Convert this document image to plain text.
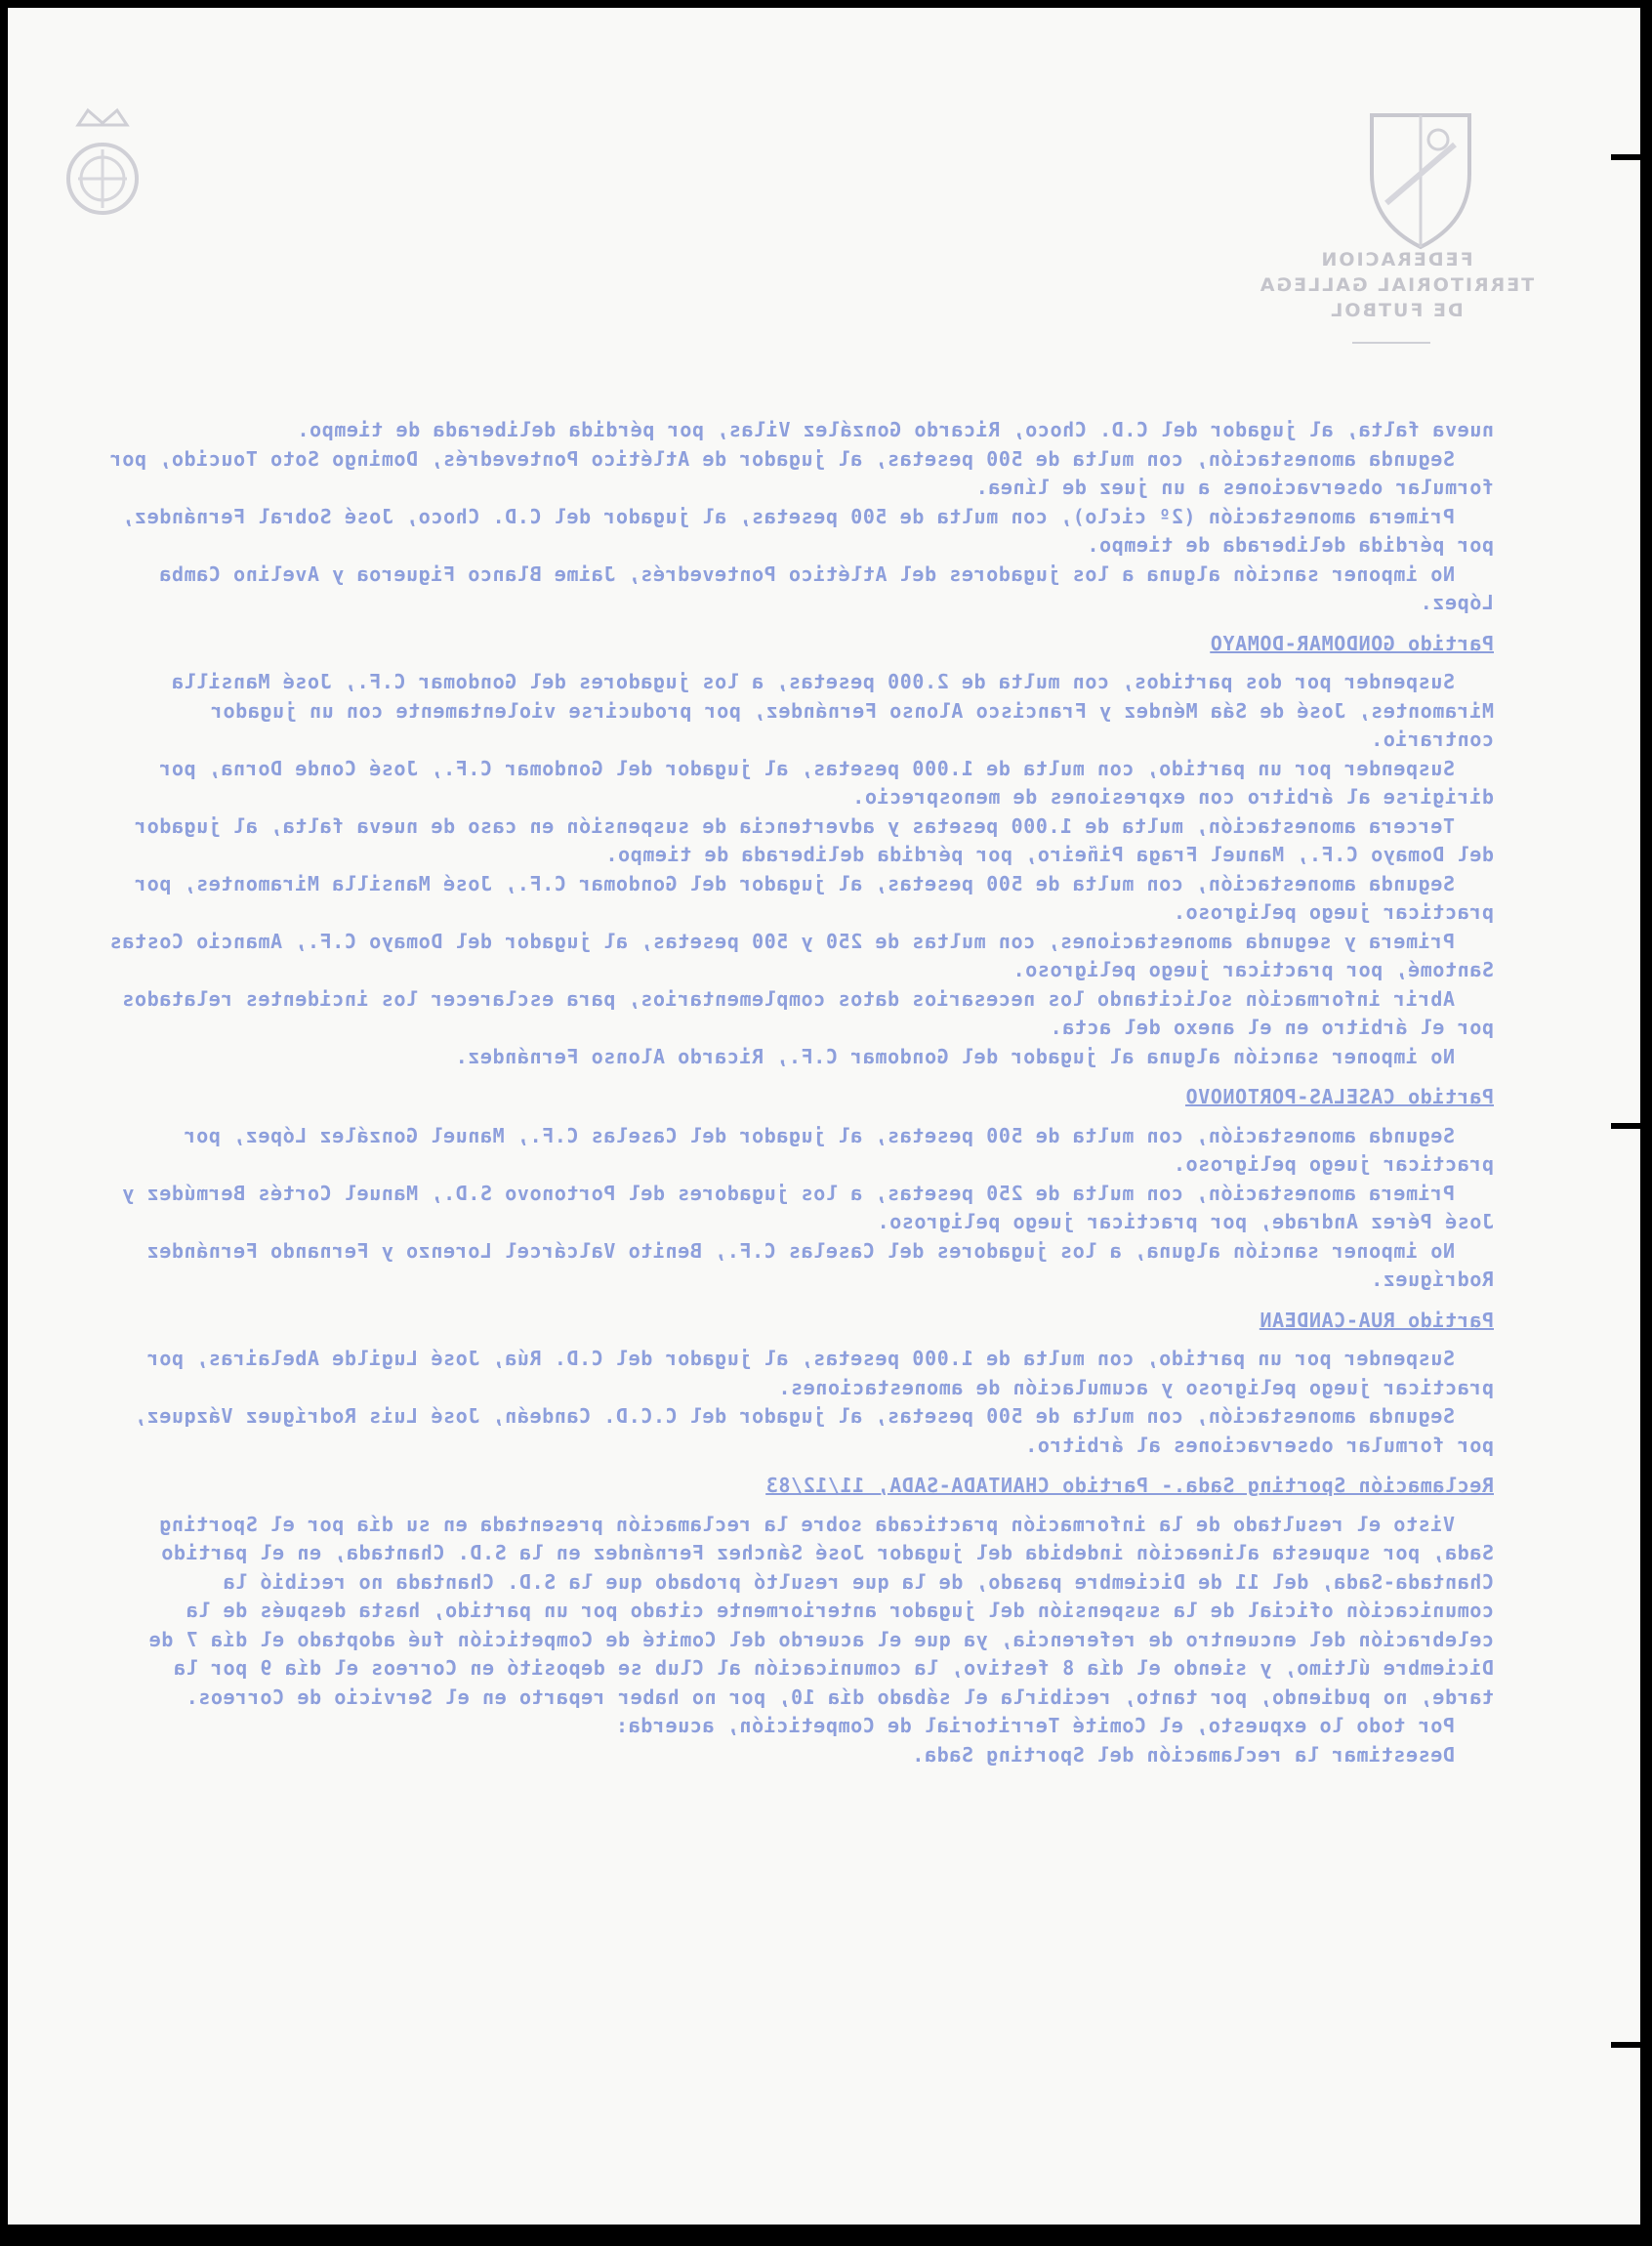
FEDERACION TERRITORIAL GALLEGA
DE FUTBOL

nueva falta, al jugador del C.D. Choco, Ricardo González Vilas, por pérdida deliberada de tiempo.

Segunda amonestación, con multa de 500 pesetas, al jugador de Atlético Pontevedrés, Domingo Soto Toucido, por formular observaciones a un juez de línea.

Primera amonestación (2º ciclo), con multa de 500 pesetas, al jugador del C.D. Choco, José Sobral Fernández, por pérdida deliberada de tiempo.

No imponer sanción alguna a los jugadores del Atlético Pontevedrés, Jaime Blanco Figueroa y Avelino Camba López.

Partido GONDOMAR-DOMAYO

Suspender por dos partidos, con multa de 2.000 pesetas, a los jugadores del Gondomar C.F., José Mansilla Miramontes, José de Sáa Méndez y Francisco Alonso Fernández, por producirse violentamente con un jugador contrario.

Suspender por un partido, con multa de 1.000 pesetas, al jugador del Gondomar C.F., José Conde Dorna, por dirigirse al árbitro con expresiones de menosprecio.

Tercera amonestación, multa de 1.000 pesetas y advertencia de suspensión en caso de nueva falta, al jugador del Domayo C.F., Manuel Fraga Piñeiro, por pérdida deliberada de tiempo.

Segunda amonestación, con multa de 500 pesetas, al jugador del Gondomar C.F., José Mansilla Miramontes, por practicar juego peligroso.

Primera y segunda amonestaciones, con multas de 250 y 500 pesetas, al jugador del Domayo C.F., Amancio Costas Santomé, por practicar juego peligroso.

Abrir información solicitando los necesarios datos complementarios, para esclarecer los incidentes relatados por el árbitro en el anexo del acta.

No imponer sanción alguna al jugador del Gondomar C.F., Ricardo Alonso Fernández.

Partido CASELAS-PORTONOVO

Segunda amonestación, con multa de 500 pesetas, al jugador del Caselas C.F., Manuel González López, por practicar juego peligroso.

Primera amonestación, con multa de 250 pesetas, a los jugadores del Portonovo S.D., Manuel Cortés Bermúdez y José Pérez Andrade, por practicar juego peligroso.

No imponer sanción alguna, a los jugadores del Caselas C.F., Benito Valcárcel Lorenzo y Fernando Fernández Rodríguez.

Partido RUA-CANDEAN

Suspender por un partido, con multa de 1.000 pesetas, al jugador del C.D. Rúa, José Lugilde Abelairas, por practicar juego peligroso y acumulación de amonestaciones.

Segunda amonestación, con multa de 500 pesetas, al jugador del C.C.D. Candeán, José Luis Rodríguez Vázquez, por formular observaciones al árbitro.

Reclamación Sporting Sada.- Partido CHANTADA-SADA, 11/12/83

Visto el resultado de la información practicada sobre la reclamación presentada en su día por el Sporting Sada, por supuesta alineación indebida del jugador José Sánchez Fernández en la S.D. Chantada, en el partido Chantada-Sada, del 11 de Diciembre pasado, de la que resultó probado que la S.D. Chantada no recibió la comunicación oficial de la suspensión del jugador anteriormente citado por un partido, hasta después de la celebración del encuentro de referencia, ya que el acuerdo del Comité de Competición fué adoptado el día 7 de Diciembre último, y siendo el día 8 festivo, la comunicación al Club se depositó en Correos el día 9 por la tarde, no pudiendo, por tanto, recibirla el sábado día 10, por no haber reparto en el Servicio de Correos.

Por todo lo expuesto, el Comité Territorial de Competición, acuerda:

Desestimar la reclamación del Sporting Sada.
